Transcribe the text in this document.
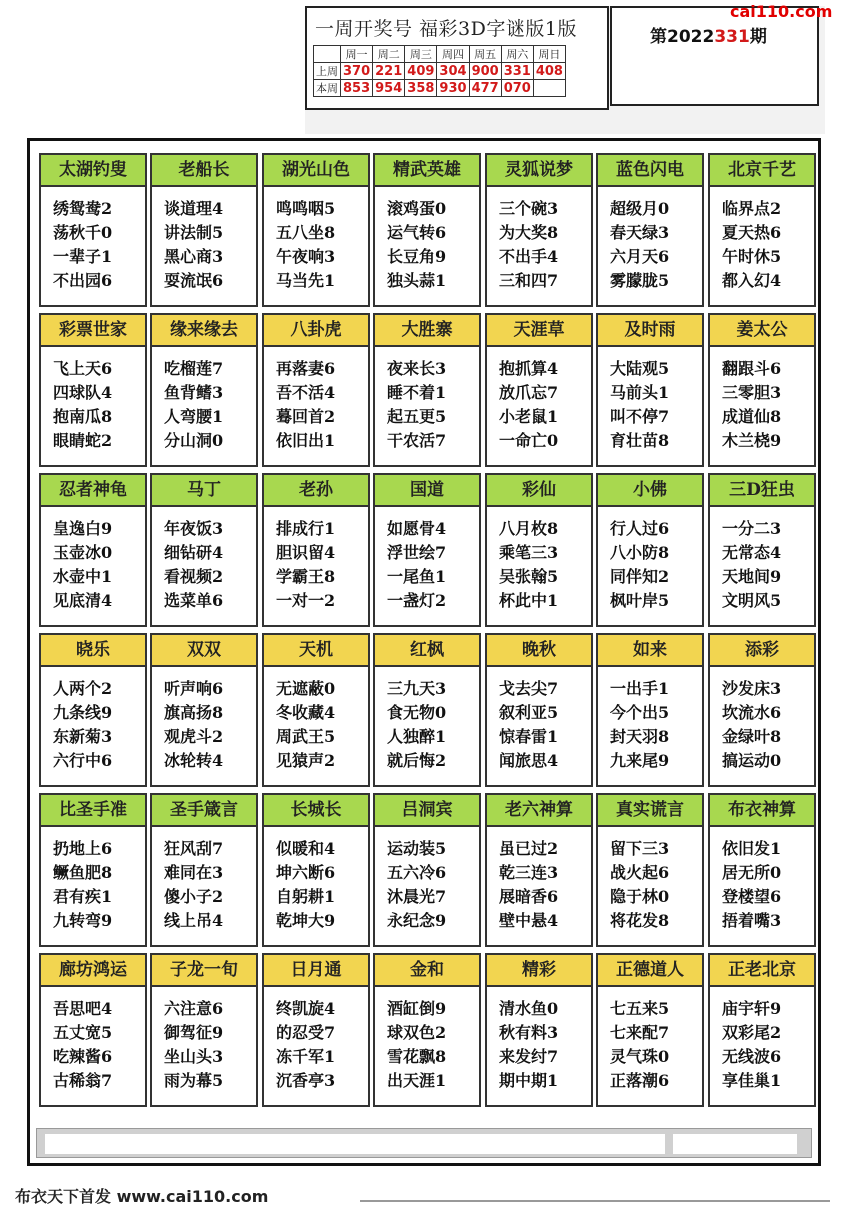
一周开奖号 福彩3D字谜版1版
	周一	周二	周三	周四	周五	周六	周日
上周	370	221	409	304	900	331	408
本周	853	954	358	930	477	070	
第2022331期
cai110.com
太湖钓叟
绣鸳鸯2
荡秋千0
一辈子1
不出园6
老船长
谈道理4
讲法制5
黑心商3
耍流氓6
湖光山色
鸣鸣咽5
五八坐8
午夜响3
马当先1
精武英雄
滚鸡蛋0
运气转6
长豆角9
独头蒜1
灵狐说梦
三个碗3
为大奖8
不出手4
三和四7
蓝色闪电
超级月0
春天绿3
六月天6
雾朦胧5
北京千艺
临界点2
夏天热6
午时休5
都入幻4
彩票世家
飞上天6
四球队4
抱南瓜8
眼睛蛇2
缘来缘去
吃榴莲7
鱼背鳍3
人弯腰1
分山洞0
八卦虎
再落妻6
吾不活4
蓦回首2
依旧出1
大胜寨
夜来长3
睡不着1
起五更5
干农活7
天涯草
抱抓算4
放爪忘7
小老鼠1
一命亡0
及时雨
大陆观5
马前头1
叫不停7
育壮苗8
姜太公
翻跟斗6
三零胆3
成道仙8
木兰桡9
忍者神龟
皇逸白9
玉壶冰0
水壶中1
见底清4
马丁
年夜饭3
细钻研4
看视频2
选菜单6
老孙
排成行1
胆识留4
学霸王8
一对一2
国道
如愿骨4
浮世绘7
一尾鱼1
一盏灯2
彩仙
八月枚8
乘笔三3
吴张翰5
杯此中1
小佛
行人过6
八小防8
同伴知2
枫叶岸5
三D狂虫
一分二3
无常态4
天地间9
文明风5
晓乐
人两个2
九条线9
东新菊3
六行中6
双双
听声响6
旗高扬8
观虎斗2
冰轮转4
天机
无遮蔽0
冬收藏4
周武王5
见猿声2
红枫
三九天3
食无物0
人独醉1
就后悔2
晚秋
戈去尖7
叙利亚5
惊春雷1
闻旅思4
如来
一出手1
今个出5
封天羽8
九来尾9
添彩
沙发床3
坎流水6
金绿叶8
搞运动0
比圣手准
扔地上6
鳜鱼肥8
君有疾1
九转弯9
圣手箴言
狂风刮7
难同在3
傻小子2
线上吊4
长城长
似暖和4
坤六断6
自躬耕1
乾坤大9
吕洞宾
运动装5
五六冷6
沐晨光7
永纪念9
老六神算
虽已过2
乾三连3
展暗香6
壁中悬4
真实谎言
留下三3
战火起6
隐于林0
将花发8
布衣神算
依旧发1
居无所0
登楼望6
捂着嘴3
廊坊鸿运
吾思吧4
五丈宽5
吃辣酱6
古稀翁7
子龙一旬
六注意6
御驾征9
坐山头3
雨为幕5
日月通
终凯旋4
的忍受7
冻千军1
沉香亭3
金和
酒缸倒9
球双色2
雪花飘8
出天涯1
精彩
清水鱼0
秋有料3
来发纣7
期中期1
正德道人
七五来5
七来配7
灵气珠0
正落潮6
正老北京
庙宇轩9
双彩尾2
无线波6
享佳巢1
布衣天下首发 www.cai110.com
